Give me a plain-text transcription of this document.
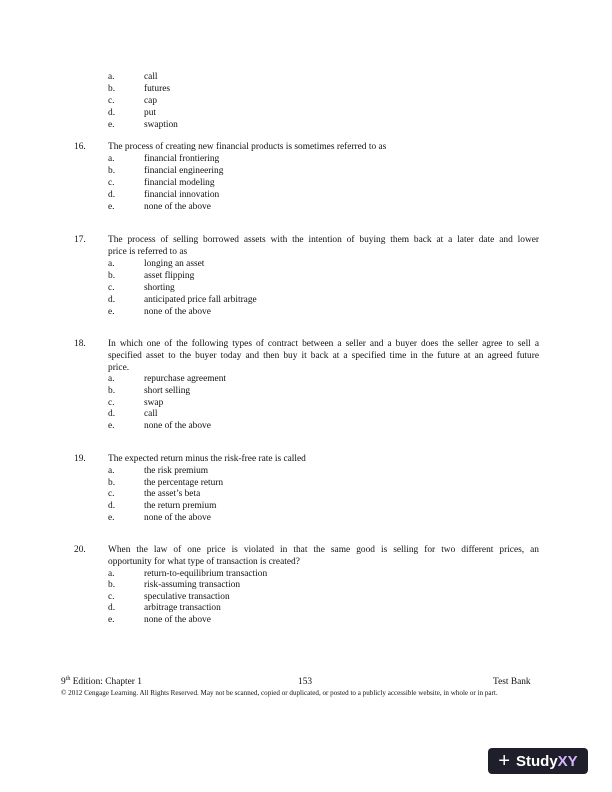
a.	call
b.	futures
c.	cap
d.	put
e.	swaption
16. The process of creating new financial products is sometimes referred to as
a.	financial frontiering
b.	financial engineering
c.	financial modeling
d.	financial innovation
e.	none of the above
17. The process of selling borrowed assets with the intention of buying them back at a later date and lower
price is referred to as
a.	longing an asset
b.	asset flipping
c.	shorting
d.	anticipated price fall arbitrage
e.	none of the above
18. In which one of the following types of contract between a seller and a buyer does the seller agree to sell a
specified asset to the buyer today and then buy it back at a specified time in the future at an agreed future
price.
a.	repurchase agreement
b.	short selling
c.	swap
d.	call
e.	none of the above
19. The expected return minus the risk-free rate is called
a.	the risk premium
b.	the percentage return
c.	the asset’s beta
d.	the return premium
e.	none of the above
20. When the law of one price is violated in that the same good is selling for two different prices, an
opportunity for what type of transaction is created?
a.	return-to-equilibrium transaction
b.	risk-assuming transaction
c.	speculative transaction
d.	arbitrage transaction
e.	none of the above
9th Edition: Chapter 1	153	Test Bank
© 2012 Cengage Learning. All Rights Reserved. May not be scanned, copied or duplicated, or posted to a publicly accessible website, in whole or in part.
+ Study XY
